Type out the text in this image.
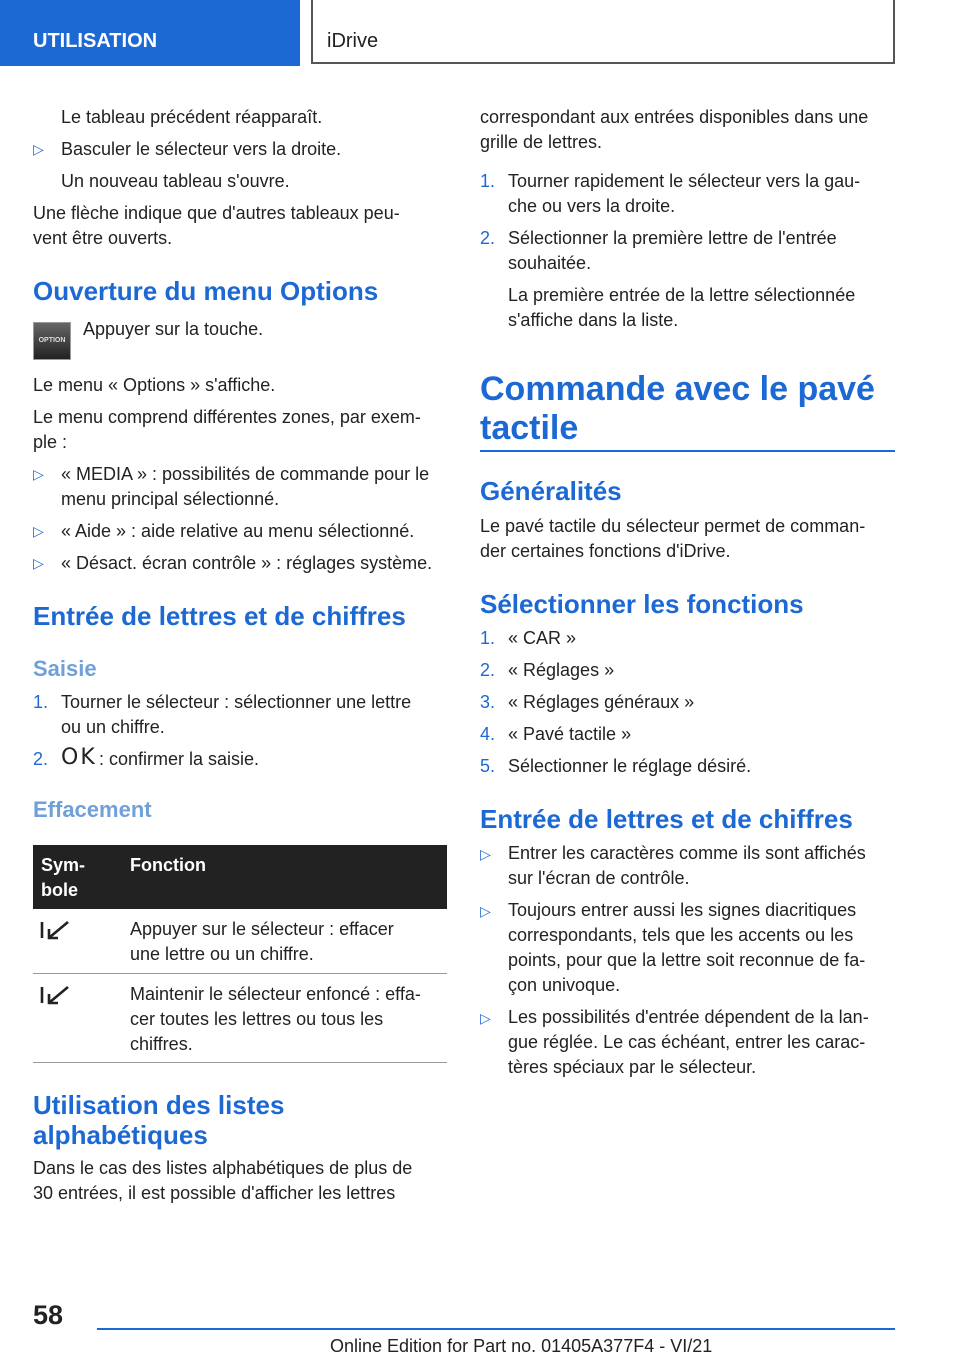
UTILISATION	iDrive
Le tableau précédent réapparaît.
▷ Basculer le sélecteur vers la droite.
Un nouveau tableau s'ouvre.
Une flèche indique que d'autres tableaux peu-
vent être ouverts.
Ouverture du menu Options
OPTION
Appuyer sur la touche.
Le menu « Options » s'affiche.
Le menu comprend différentes zones, par exem-
ple :
▷ « MEDIA » : possibilités de commande pour le
menu principal sélectionné.
▷ « Aide » : aide relative au menu sélectionné.
▷ « Désact. écran contrôle » : réglages système.
Entrée de lettres et de chiffres
Saisie
1. Tourner le sélecteur : sélectionner une lettre
ou un chiffre.
2. OK : confirmer la saisie.
Effacement
Sym-
bole
Fonction
Appuyer sur le sélecteur : effacer
une lettre ou un chiffre.
Maintenir le sélecteur enfoncé : effa-
cer toutes les lettres ou tous les
chiffres.
Utilisation des listes
alphabétiques
Dans le cas des listes alphabétiques de plus de
30 entrées, il est possible d'afficher les lettres
correspondant aux entrées disponibles dans une
grille de lettres.
1. Tourner rapidement le sélecteur vers la gau-
che ou vers la droite.
2. Sélectionner la première lettre de l'entrée
souhaitée.
La première entrée de la lettre sélectionnée
s'affiche dans la liste.
Commande avec le pavé
tactile
Généralités
Le pavé tactile du sélecteur permet de comman-
der certaines fonctions d'iDrive.
Sélectionner les fonctions
1. « CAR »
2. « Réglages »
3. « Réglages généraux »
4. « Pavé tactile »
5. Sélectionner le réglage désiré.
Entrée de lettres et de chiffres
▷ Entrer les caractères comme ils sont affichés
sur l'écran de contrôle.
▷ Toujours entrer aussi les signes diacritiques
correspondants, tels que les accents ou les
points, pour que la lettre soit reconnue de fa-
çon univoque.
▷ Les possibilités d'entrée dépendent de la lan-
gue réglée. Le cas échéant, entrer les carac-
tères spéciaux par le sélecteur.
58
Online Edition for Part no. 01405A377F4 - VI/21
